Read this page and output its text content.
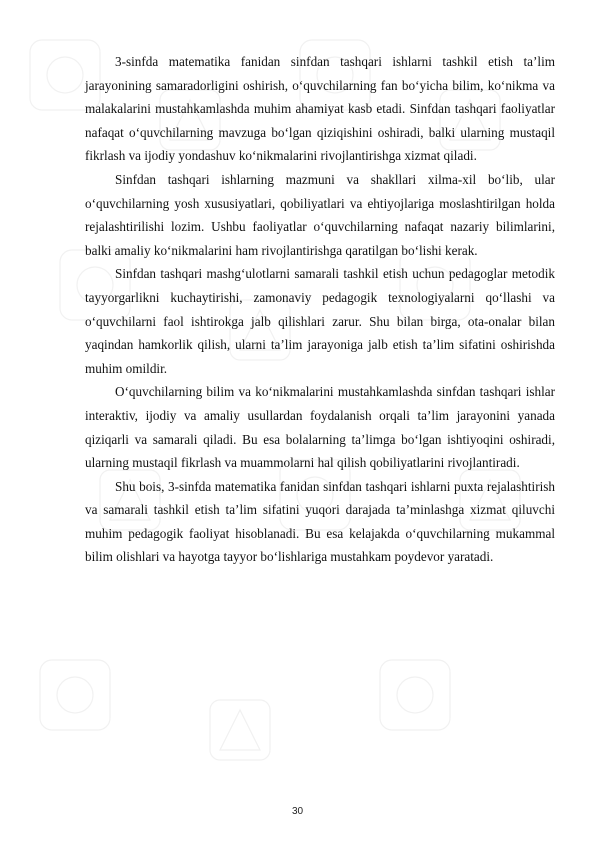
3-sinfda matematika fanidan sinfdan tashqari ishlarni tashkil etish ta’lim jarayonining samaradorligini oshirish, o‘quvchilarning fan bo‘yicha bilim, ko‘nikma va malakalarini mustahkamlashda muhim ahamiyat kasb etadi. Sinfdan tashqari faoliyatlar nafaqat o‘quvchilarning mavzuga bo‘lgan qiziqishini oshiradi, balki ularning mustaqil fikrlash va ijodiy yondashuv ko‘nikmalarini rivojlantirishga xizmat qiladi.

Sinfdan tashqari ishlarning mazmuni va shakllari xilma-xil bo‘lib, ular o‘quvchilarning yosh xususiyatlari, qobiliyatlari va ehtiyojlariga moslashtirilgan holda rejalashtirilishi lozim. Ushbu faoliyatlar o‘quvchilarning nafaqat nazariy bilimlarini, balki amaliy ko‘nikmalarini ham rivojlantirishga qaratilgan bo‘lishi kerak.

Sinfdan tashqari mashg‘ulotlarni samarali tashkil etish uchun pedagoglar metodik tayyorgarlikni kuchaytirishi, zamonaviy pedagogik texnologiyalarni qo‘llashi va o‘quvchilarni faol ishtirokga jalb qilishlari zarur. Shu bilan birga, ota-onalar bilan yaqindan hamkorlik qilish, ularni ta’lim jarayoniga jalb etish ta’lim sifatini oshirishda muhim omildir.

O‘quvchilarning bilim va ko‘nikmalarini mustahkamlashda sinfdan tashqari ishlar interaktiv, ijodiy va amaliy usullardan foydalanish orqali ta’lim jarayonini yanada qiziqarli va samarali qiladi. Bu esa bolalarning ta’limga bo‘lgan ishtiyoqini oshiradi, ularning mustaqil fikrlash va muammolarni hal qilish qobiliyatlarini rivojlantiradi.

Shu bois, 3-sinfda matematika fanidan sinfdan tashqari ishlarni puxta rejalashtirish va samarali tashkil etish ta’lim sifatini yuqori darajada ta’minlashga xizmat qiluvchi muhim pedagogik faoliyat hisoblanadi. Bu esa kelajakda o‘quvchilarning mukammal bilim olishlari va hayotga tayyor bo‘lishlariga mustahkam poydevor yaratadi.

30
